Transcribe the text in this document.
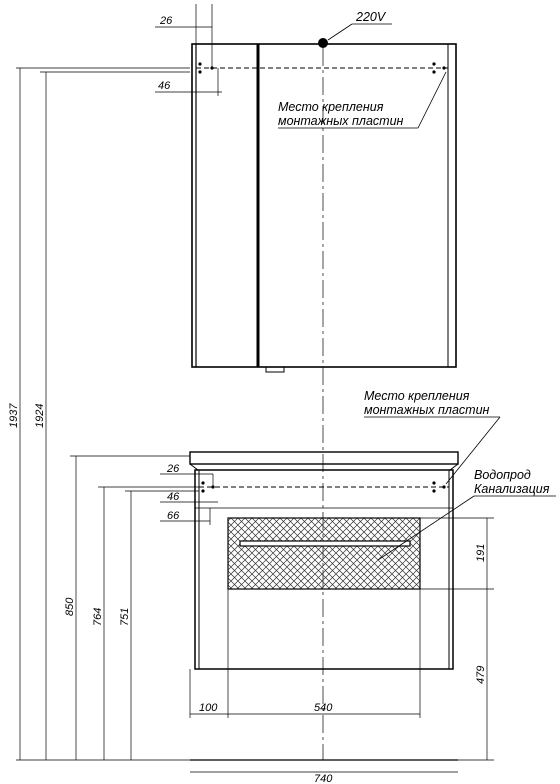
26
46
220V
Место крепления
монтажных пластин
26
46
66
Место крепления
монтажных пластин
Водопрод
Канализация
191
479
100	540
740
1937 1924
850
764 751
